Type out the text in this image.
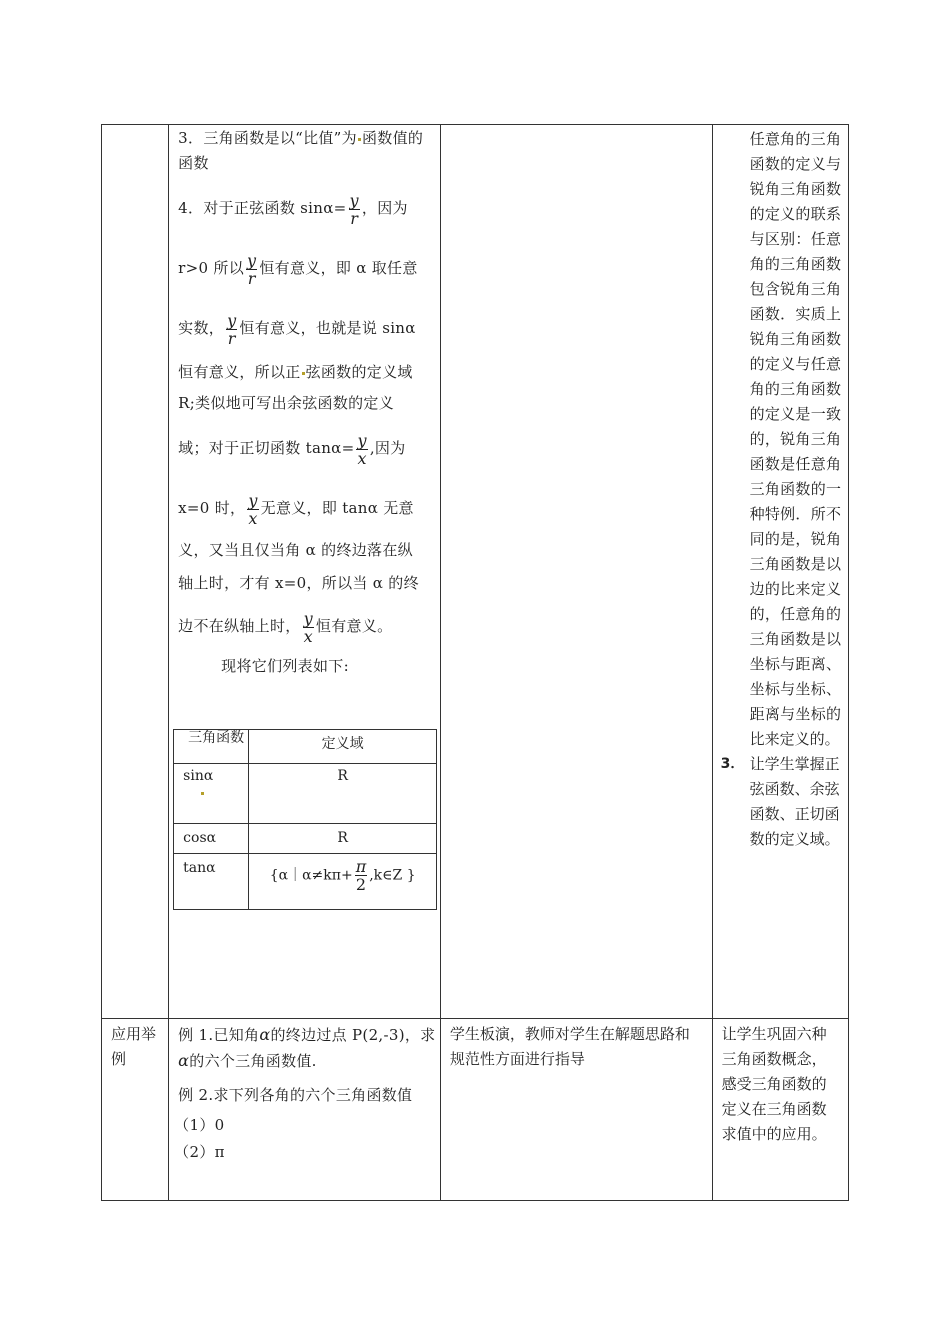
3．三角函数是以“比值”为 函数值的函数

4．对于正弦函数 $\sin\alpha= \frac{y}{r}$ ，因为

r>0 所以 $\frac{y}{r}$ 恒有意义，即 α 取任意

实数， $\frac{y}{r}$ 恒有意义，也就是说 sinα

恒有意义，所以正 弦函数的定义域

R;类似地可写出余弦函数的定义

域；对于正切函数 $\tan\alpha= \frac{y}{x}$ ,因为

x=0 时， $\frac{y}{x}$ 无意义，即 tanα 无意

义，又当且仅当角 α 的终边落在纵

轴上时，才有 x=0，所以当 α 的终

边不在纵轴上时， $\frac{y}{x}$ 恒有意义。

现将它们列表如下:

三角函数	定义域
sinα	R
cosα	R
tanα	{α｜α≠kπ+ $\frac{\pi}{2}$ ,k∈Z }

任意角的三角函数的定义与锐角三角函数的定义的联系与区别：任意角的三角函数包含锐角三角函数．实质上锐角三角函数的定义与任意角的三角函数的定义是一致的，锐角三角函数是任意角三角函数的一种特例．所不同的是，锐角三角函数是以边的比来定义的，任意角的三角函数是以坐标与距离、坐标与坐标、距离与坐标的比来定义的。
3． 让学生掌握正弦函数、余弦函数、正切函数的定义域。

应用举例

例 1.已知角α的终边过点 P(2,-3)，求α的六个三角函数值.

例 2.求下列各角的六个三角函数值

（1）0

（2）π

学生板演，教师对学生在解题思路和规范性方面进行指导

让学生巩固六种三角函数概念，感受三角函数的定义在三角函数求值中的应用。
